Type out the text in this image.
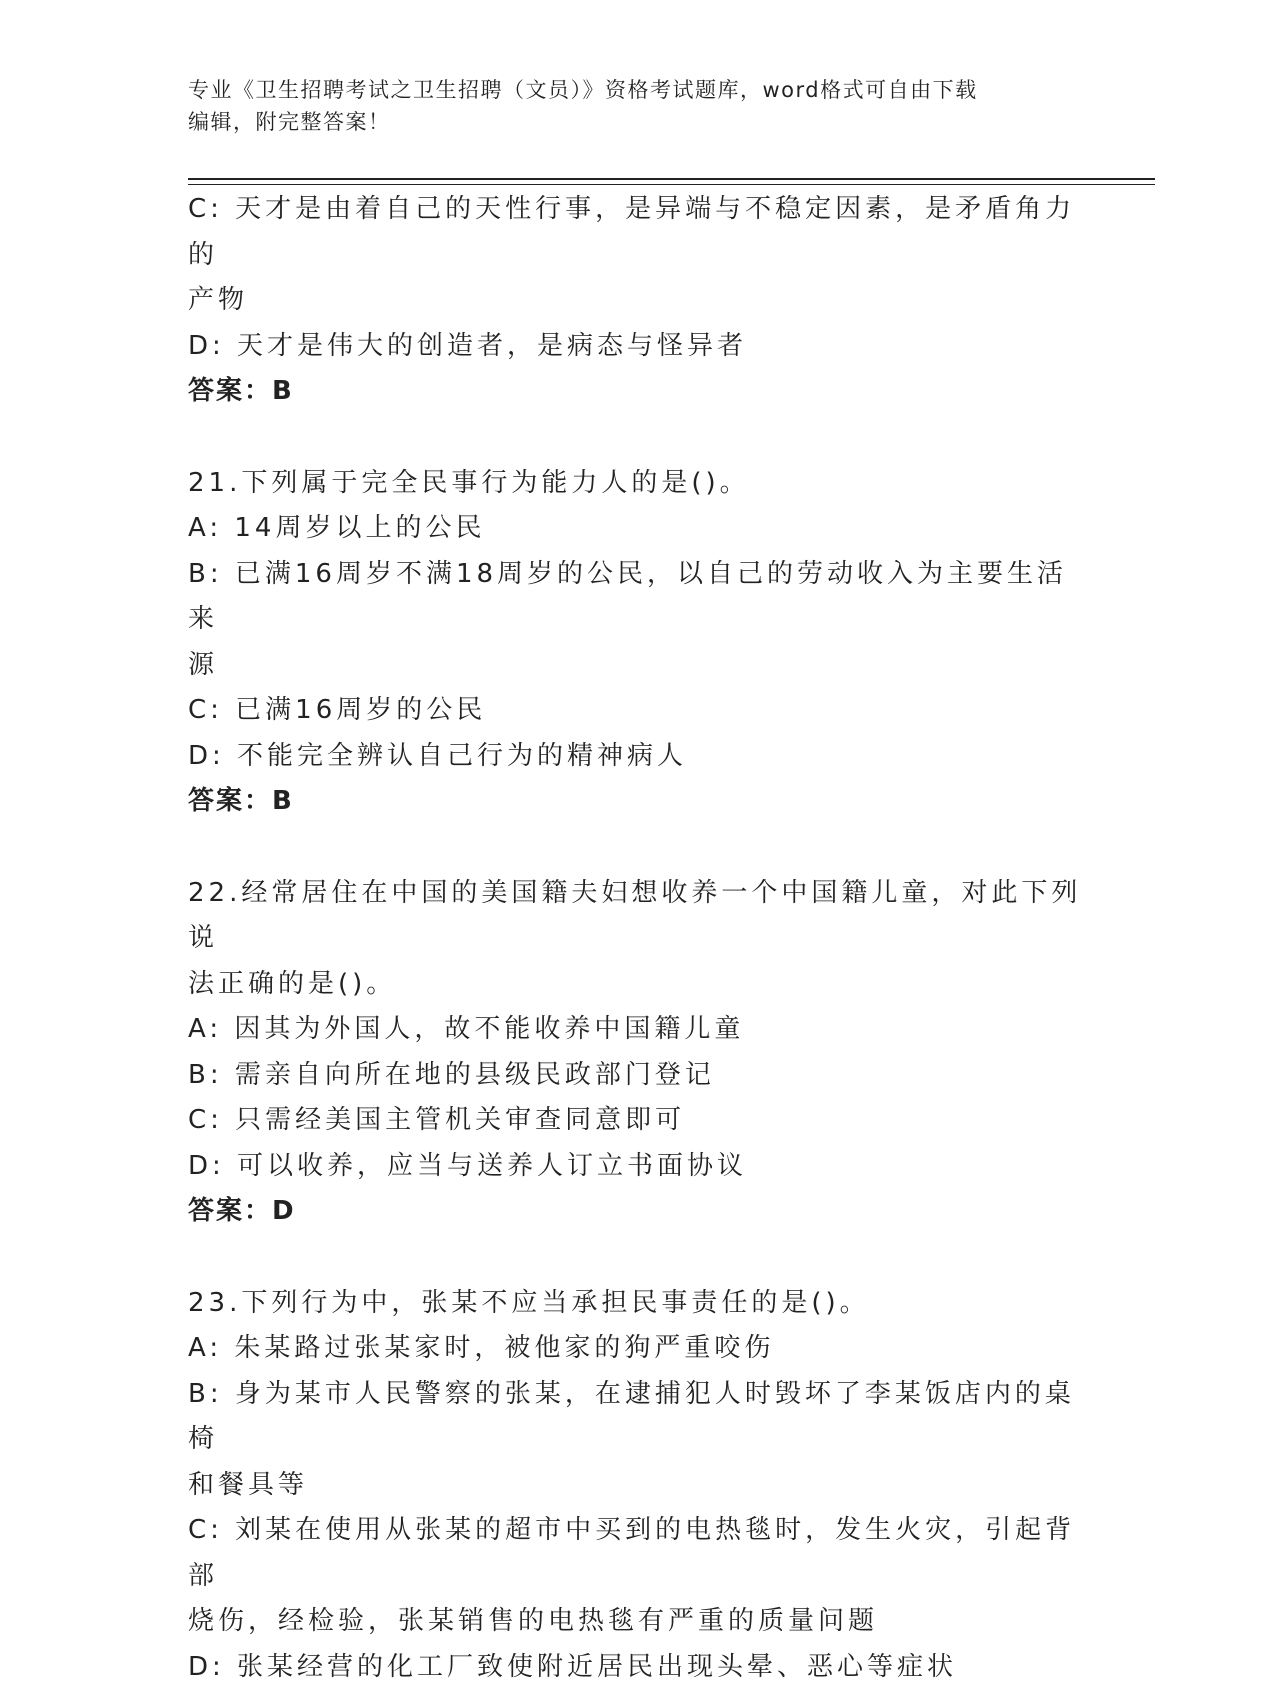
专业《卫生招聘考试之卫生招聘（文员）》资格考试题库，word格式可自由下载
编辑，附完整答案！
C: 天才是由着自己的天性行事，是异端与不稳定因素，是矛盾角力的
产物
D: 天才是伟大的创造者，是病态与怪异者
答案：B
21.下列属于完全民事行为能力人的是()。
A: 14周岁以上的公民
B: 已满16周岁不满18周岁的公民，以自己的劳动收入为主要生活来
源
C: 已满16周岁的公民
D: 不能完全辨认自己行为的精神病人
答案：B
22.经常居住在中国的美国籍夫妇想收养一个中国籍儿童，对此下列说
法正确的是()。
A: 因其为外国人，故不能收养中国籍儿童
B: 需亲自向所在地的县级民政部门登记
C: 只需经美国主管机关审查同意即可
D: 可以收养，应当与送养人订立书面协议
答案：D
23.下列行为中，张某不应当承担民事责任的是()。
A: 朱某路过张某家时，被他家的狗严重咬伤
B: 身为某市人民警察的张某，在逮捕犯人时毁坏了李某饭店内的桌椅
和餐具等
C: 刘某在使用从张某的超市中买到的电热毯时，发生火灾，引起背部
烧伤，经检验，张某销售的电热毯有严重的质量问题
D: 张某经营的化工厂致使附近居民出现头晕、恶心等症状
